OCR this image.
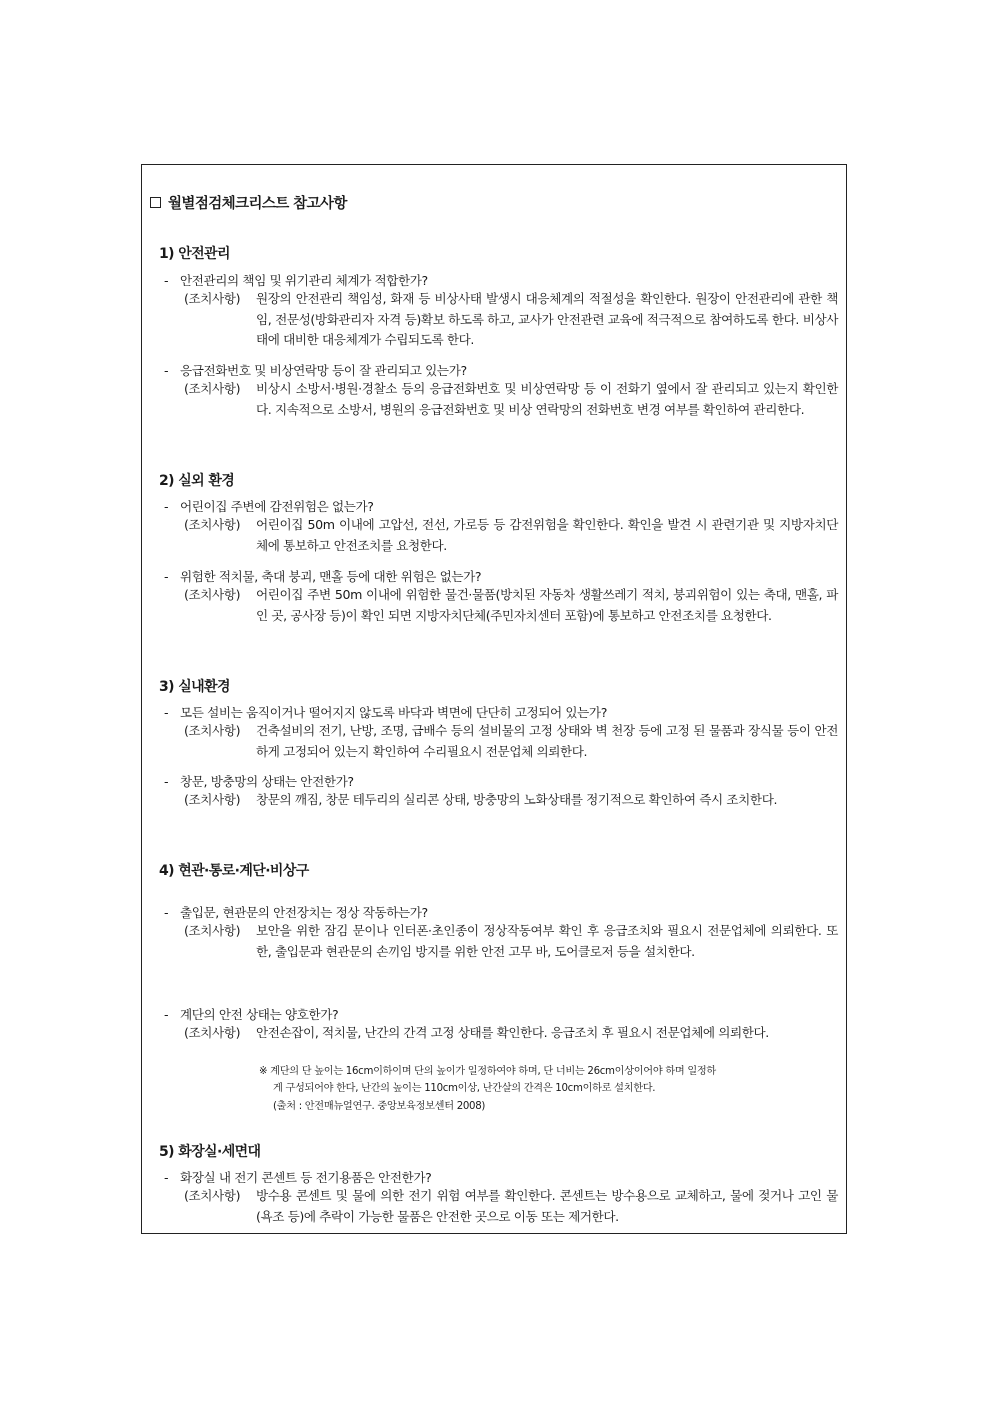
월별점검체크리스트 참고사항
1) 안전관리
- 안전관리의 책임 및 위기관리 체계가 적합한가?
(조치사항) 원장의 안전관리 책임성, 화재 등 비상사태 발생시 대응체계의 적절성을 확인한다. 원장이 안전관리에 관한 책임, 전문성(방화관리자 자격 등)확보 하도록 하고, 교사가 안전관련 교육에 적극적으로 참여하도록 한다. 비상사태에 대비한 대응체계가 수립되도록 한다.
- 응급전화번호 및 비상연락망 등이 잘 관리되고 있는가?
(조치사항) 비상시 소방서·병원·경찰소 등의 응급전화번호 및 비상연락망 등 이 전화기 옆에서 잘 관리되고 있는지 확인한다. 지속적으로 소방서, 병원의 응급전화번호 및 비상 연락망의 전화번호 변경 여부를 확인하여 관리한다.
2) 실외 환경
- 어린이집 주변에 감전위험은 없는가?
(조치사항) 어린이집 50m 이내에 고압선, 전선, 가로등 등 감전위험을 확인한다. 확인을 발견 시 관련기관 및 지방자치단체에 통보하고 안전조치를 요청한다.
- 위험한 적치물, 축대 붕괴, 맨홀 등에 대한 위험은 없는가?
(조치사항) 어린이집 주변 50m 이내에 위험한 물건·물품(방치된 자동차 생활쓰레기 적치, 붕괴위험이 있는 축대, 맨홀, 파인 곳, 공사장 등)이 확인 되면 지방자치단체(주민자치센터 포함)에 통보하고 안전조치를 요청한다.
3) 실내환경
- 모든 설비는 움직이거나 떨어지지 않도록 바닥과 벽면에 단단히 고정되어 있는가?
(조치사항) 건축설비의 전기, 난방, 조명, 급배수 등의 설비물의 고정 상태와 벽 천장 등에 고정 된 물품과 장식물 등이 안전하게 고정되어 있는지 확인하여 수리필요시 전문업체 의뢰한다.
- 창문, 방충망의 상태는 안전한가?
(조치사항) 창문의 깨짐, 창문 테두리의 실리콘 상태, 방충망의 노화상태를 정기적으로 확인하여 즉시 조치한다.
4) 현관·통로·계단·비상구
- 출입문, 현관문의 안전장치는 정상 작동하는가?
(조치사항) 보안을 위한 잠김 문이나 인터폰·초인종이 정상작동여부 확인 후 응급조치와 필요시 전문업체에 의뢰한다. 또한, 출입문과 현관문의 손끼임 방지를 위한 안전 고무 바, 도어클로저 등을 설치한다.
- 계단의 안전 상태는 양호한가?
(조치사항) 안전손잡이, 적치물, 난간의 간격 고정 상태를 확인한다. 응급조치 후 필요시 전문업체에 의뢰한다.
※ 계단의 단 높이는 16cm이하이며 단의 높이가 일정하여야 하며, 단 너비는 26cm이상이어야 하며 일정하
게 구성되어야 한다, 난간의 높이는 110cm이상, 난간살의 간격은 10cm이하로 설치한다.
(출처 : 안전매뉴얼연구. 중앙보육정보센터 2008)
5) 화장실·세면대
- 화장실 내 전기 콘센트 등 전기용품은 안전한가?
(조치사항) 방수용 콘센트 및 물에 의한 전기 위험 여부를 확인한다. 콘센트는 방수용으로 교체하고, 물에 젖거나 고인 물(욕조 등)에 추락이 가능한 물품은 안전한 곳으로 이동 또는 제거한다.
